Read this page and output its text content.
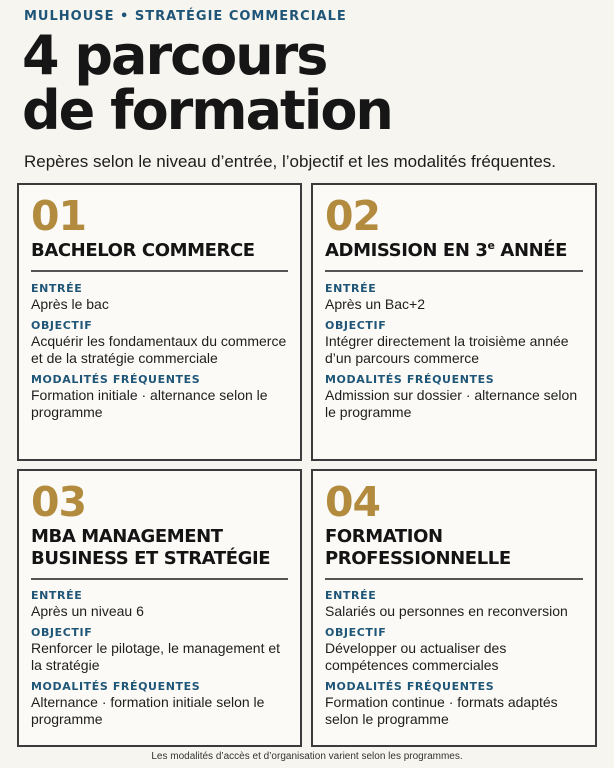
MULHOUSE • STRATÉGIE COMMERCIALE
4 parcours
de formation
Repères selon le niveau d’entrée, l’objectif et les modalités fréquentes.
01
BACHELOR COMMERCE
ENTRÉE
Après le bac
OBJECTIF
Acquérir les fondamentaux du commerce et de la stratégie commerciale
MODALITÉS FRÉQUENTES
Formation initiale · alternance selon le programme
02
ADMISSION EN 3e ANNÉE
ENTRÉE
Après un Bac+2
OBJECTIF
Intégrer directement la troisième année d’un parcours commerce
MODALITÉS FRÉQUENTES
Admission sur dossier · alternance selon le programme
03
MBA MANAGEMENT
BUSINESS ET STRATÉGIE
ENTRÉE
Après un niveau 6
OBJECTIF
Renforcer le pilotage, le management et la stratégie
MODALITÉS FRÉQUENTES
Alternance · formation initiale selon le programme
04
FORMATION
PROFESSIONNELLE
ENTRÉE
Salariés ou personnes en reconversion
OBJECTIF
Développer ou actualiser des compétences commerciales
MODALITÉS FRÉQUENTES
Formation continue · formats adaptés selon le programme
Les modalités d’accès et d’organisation varient selon les programmes.
